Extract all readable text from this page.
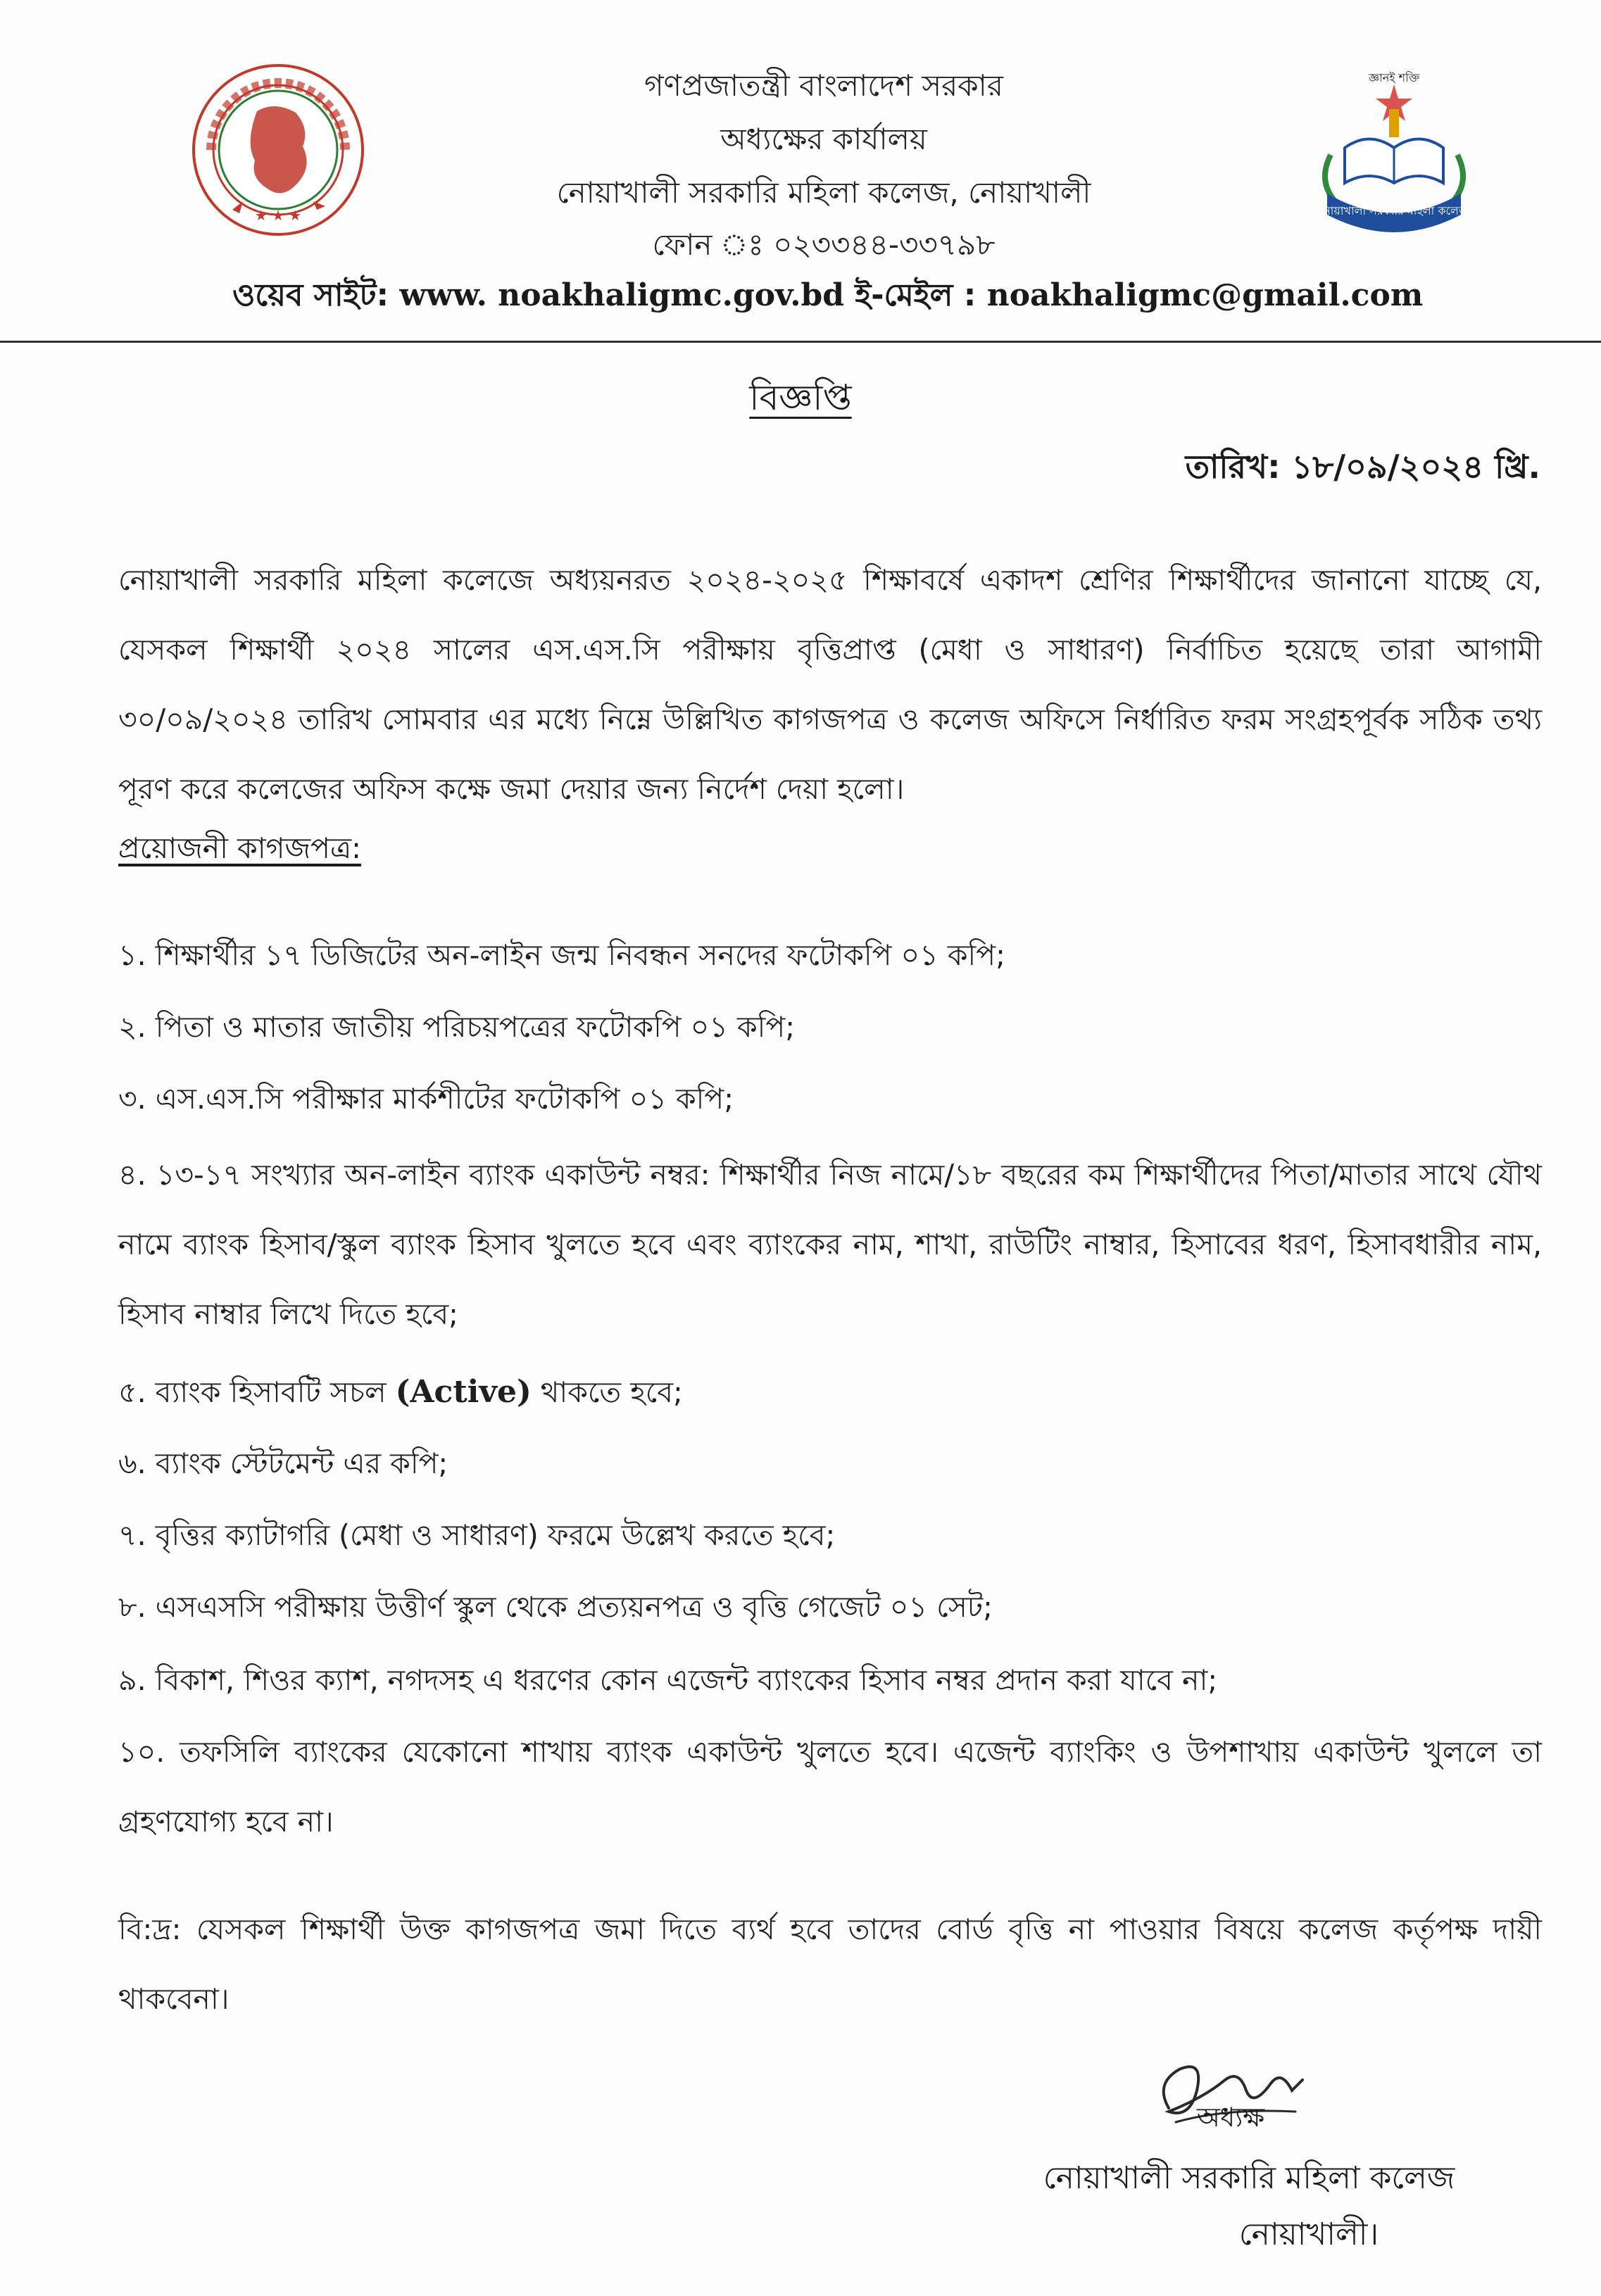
★ ★ ★	নোয়াখালী সরকারি মহিলা কলেজ
জ্ঞানই শক্তি
গণপ্রজাতন্ত্রী বাংলাদেশ সরকার
অধ্যক্ষের কার্যালয়
নোয়াখালী সরকারি মহিলা কলেজ, নোয়াখালী
ফোন ঃ ০২৩৩৪৪-৩৩৭৯৮
ওয়েব সাইট: www. noakhaligmc.gov.bd ই-মেইল : noakhaligmc@gmail.com
বিজ্ঞপ্তি
তারিখ: ১৮/০৯/২০২৪ খ্রি.
নোয়াখালী সরকারি মহিলা কলেজে অধ্যয়নরত ২০২৪-২০২৫ শিক্ষাবর্ষে একাদশ শ্রেণির শিক্ষার্থীদের জানানো যাচ্ছে যে, যেসকল শিক্ষার্থী ২০২৪ সালের এস.এস.সি পরীক্ষায় বৃত্তিপ্রাপ্ত (মেধা ও সাধারণ) নির্বাচিত হয়েছে তারা আগামী ৩০/০৯/২০২৪ তারিখ সোমবার এর মধ্যে নিম্নে উল্লিখিত কাগজপত্র ও কলেজ অফিসে নির্ধারিত ফরম সংগ্রহপূর্বক সঠিক তথ্য পূরণ করে কলেজের অফিস কক্ষে জমা দেয়ার জন্য নির্দেশ দেয়া হলো।
প্রয়োজনী কাগজপত্র:
১. শিক্ষার্থীর ১৭ ডিজিটের অন-লাইন জন্ম নিবন্ধন সনদের ফটোকপি ০১ কপি;
২. পিতা ও মাতার জাতীয় পরিচয়পত্রের ফটোকপি ০১ কপি;
৩. এস.এস.সি পরীক্ষার মার্কশীটের ফটোকপি ০১ কপি;
৪. ১৩-১৭ সংখ্যার অন-লাইন ব্যাংক একাউন্ট নম্বর: শিক্ষার্থীর নিজ নামে/১৮ বছরের কম শিক্ষার্থীদের পিতা/মাতার সাথে যৌথ নামে ব্যাংক হিসাব/স্কুল ব্যাংক হিসাব খুলতে হবে এবং ব্যাংকের নাম, শাখা, রাউটিং নাম্বার, হিসাবের ধরণ, হিসাবধারীর নাম, হিসাব নাম্বার লিখে দিতে হবে;
৫. ব্যাংক হিসাবটি সচল (Active) থাকতে হবে;
৬. ব্যাংক স্টেটমেন্ট এর কপি;
৭. বৃত্তির ক্যাটাগরি (মেধা ও সাধারণ) ফরমে উল্লেখ করতে হবে;
৮. এসএসসি পরীক্ষায় উত্তীর্ণ স্কুল থেকে প্রত্যয়নপত্র ও বৃত্তি গেজেট ০১ সেট;
৯. বিকাশ, শিওর ক্যাশ, নগদসহ এ ধরণের কোন এজেন্ট ব্যাংকের হিসাব নম্বর প্রদান করা যাবে না;
১০. তফসিলি ব্যাংকের যেকোনো শাখায় ব্যাংক একাউন্ট খুলতে হবে। এজেন্ট ব্যাংকিং ও উপশাখায় একাউন্ট খুললে তা গ্রহণযোগ্য হবে না।
বি:দ্র: যেসকল শিক্ষার্থী উক্ত কাগজপত্র জমা দিতে ব্যর্থ হবে তাদের বোর্ড বৃত্তি না পাওয়ার বিষয়ে কলেজ কর্তৃপক্ষ দায়ী থাকবেনা।
অধ্যক্ষ
নোয়াখালী সরকারি মহিলা কলেজ
নোয়াখালী।
